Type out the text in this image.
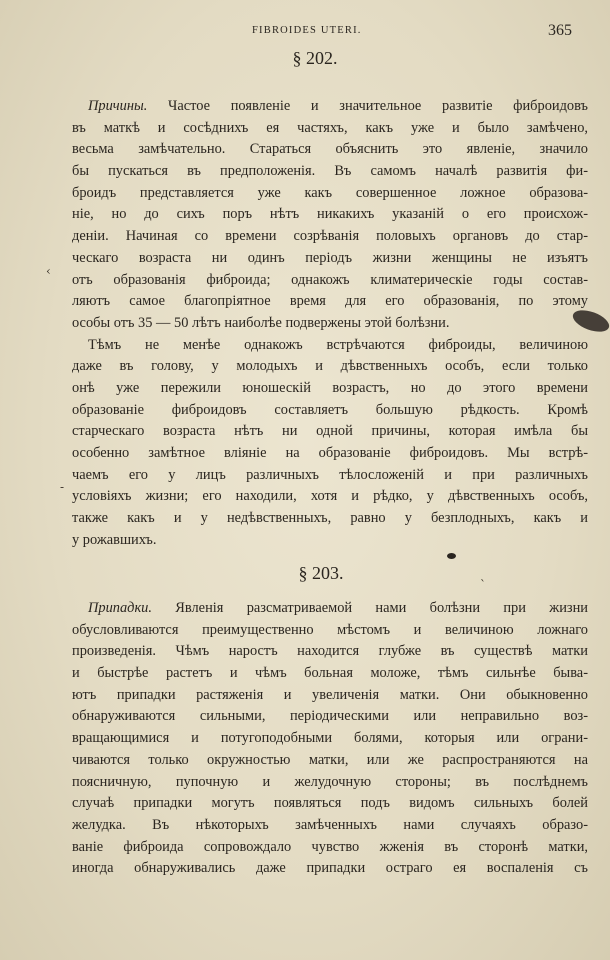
FIBROIDES UTERI.	365
§ 202.
Причины. Частое появленіе и значительное развитіе фиброидовъ
въ маткѣ и сосѣднихъ ея частяхъ, какъ уже и было замѣчено,
весьма замѣчательно. Стараться объяснить это явленіе, значило
бы пускаться въ предположенія. Въ самомъ началѣ развитія фи-
броидъ представляется уже какъ совершенное ложное образова-
ніе, но до сихъ поръ нѣтъ никакихъ указаній о его происхож-
деніи. Начиная со времени созрѣванія половыхъ органовъ до стар-
ческаго возраста ни одинъ періодъ жизни женщины не изъятъ
отъ образованія фиброида; однакожъ климатерическіе годы состав-
ляютъ самое благопріятное время для его образованія, по этому
особы отъ 35 — 50 лѣтъ наиболѣе подвержены этой болѣзни.
Тѣмъ не менѣе однакожъ встрѣчаются фиброиды, величиною
даже въ голову, у молодыхъ и дѣвственныхъ особъ, если только
онѣ уже пережили юношескій возрастъ, но до этого времени
образованіе фиброидовъ составляетъ большую рѣдкость. Кромѣ
старческаго возраста нѣтъ ни одной причины, которая имѣла бы
особенно замѣтное вліяніе на образованіе фиброидовъ. Мы встрѣ-
чаемъ его у лицъ различныхъ тѣлосложеній и при различныхъ
условіяхъ жизни; его находили, хотя и рѣдко, у дѣвственныхъ особъ,
также какъ и у недѣвственныхъ, равно у безплодныхъ, какъ и
у рожавшихъ.
§ 203.
Припадки. Явленія разсматриваемой нами болѣзни при жизни
обусловливаются преимущественно мѣстомъ и величиною ложнаго
произведенія. Чѣмъ наростъ находится глубже въ существѣ матки
и быстрѣе растетъ и чѣмъ больная моложе, тѣмъ сильнѣе быва-
ютъ припадки растяженія и увеличенія матки. Они обыкновенно
обнаруживаются сильными, періодическими или неправильно воз-
вращающимися и потугоподобными болями, которыя или ограни-
чиваются только окружностью матки, или же распространяются на
поясничную, пупочную и желудочную стороны; въ послѣднемъ
случаѣ припадки могутъ появляться подъ видомъ сильныхъ болей
желудка. Въ нѣкоторыхъ замѣченныхъ нами случаяхъ образо-
ваніе фиброида сопровождало чувство жженія въ сторонѣ матки,
иногда обнаруживались даже припадки остраго ея воспаленія съ
‹
-
ˋ
